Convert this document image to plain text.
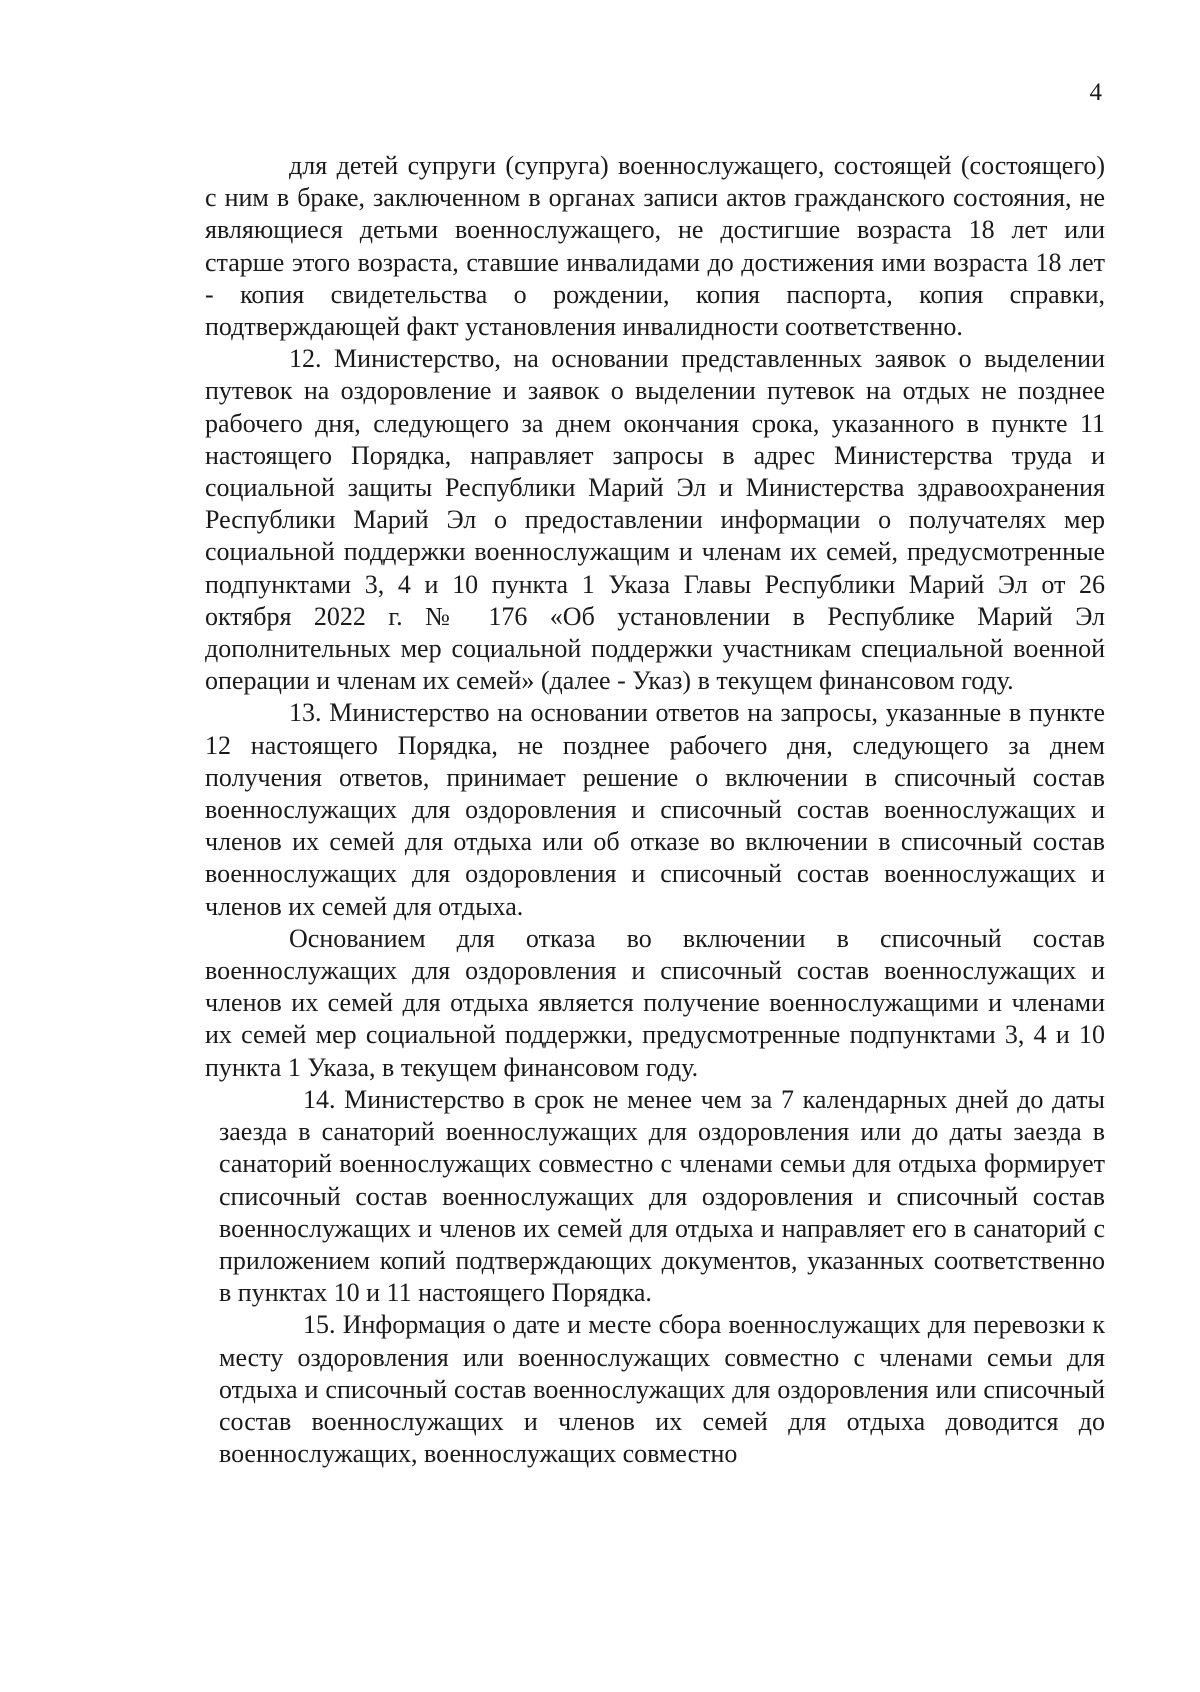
4

для детей супруги (супруга) военнослужащего, состоящей (состоящего) с ним в браке, заключенном в органах записи актов гражданского состояния, не являющиеся детьми военнослужащего, не достигшие возраста 18 лет или старше этого возраста, ставшие инвалидами до достижения ими возраста 18 лет - копия свидетельства о рождении, копия паспорта, копия справки, подтверждающей факт установления инвалидности соответственно.

12. Министерство, на основании представленных заявок о выделении путевок на оздоровление и заявок о выделении путевок на отдых не позднее рабочего дня, следующего за днем окончания срока, указанного в пункте 11 настоящего Порядка, направляет запросы в адрес Министерства труда и социальной защиты Республики Марий Эл и Министерства здравоохранения Республики Марий Эл о предоставлении информации о получателях мер социальной поддержки военнослужащим и членам их семей, предусмотренные подпунктами 3, 4 и 10 пункта 1 Указа Главы Республики Марий Эл от 26 октября 2022 г. № 176 «Об установлении в Республике Марий Эл дополнительных мер социальной поддержки участникам специальной военной операции и членам их семей» (далее - Указ) в текущем финансовом году.

13. Министерство на основании ответов на запросы, указанные в пункте 12 настоящего Порядка, не позднее рабочего дня, следующего за днем получения ответов, принимает решение о включении в списочный состав военнослужащих для оздоровления и списочный состав военнослужащих и членов их семей для отдыха или об отказе во включении в списочный состав военнослужащих для оздоровления и списочный состав военнослужащих и членов их семей для отдыха.

Основанием для отказа во включении в списочный состав военнослужащих для оздоровления и списочный состав военнослужащих и членов их семей для отдыха является получение военнослужащими и членами их семей мер социальной поддержки, предусмотренные подпунктами 3, 4 и 10 пункта 1 Указа, в текущем финансовом году.

14. Министерство в срок не менее чем за 7 календарных дней до даты заезда в санаторий военнослужащих для оздоровления или до даты заезда в санаторий военнослужащих совместно с членами семьи для отдыха формирует списочный состав военнослужащих для оздоровления и списочный состав военнослужащих и членов их семей для отдыха и направляет его в санаторий с приложением копий подтверждающих документов, указанных соответственно в пунктах 10 и 11 настоящего Порядка.

15. Информация о дате и месте сбора военнослужащих для перевозки к месту оздоровления или военнослужащих совместно с членами семьи для отдыха и списочный состав военнослужащих для оздоровления или списочный состав военнослужащих и членов их семей для отдыха доводится до военнослужащих, военнослужащих совместно
